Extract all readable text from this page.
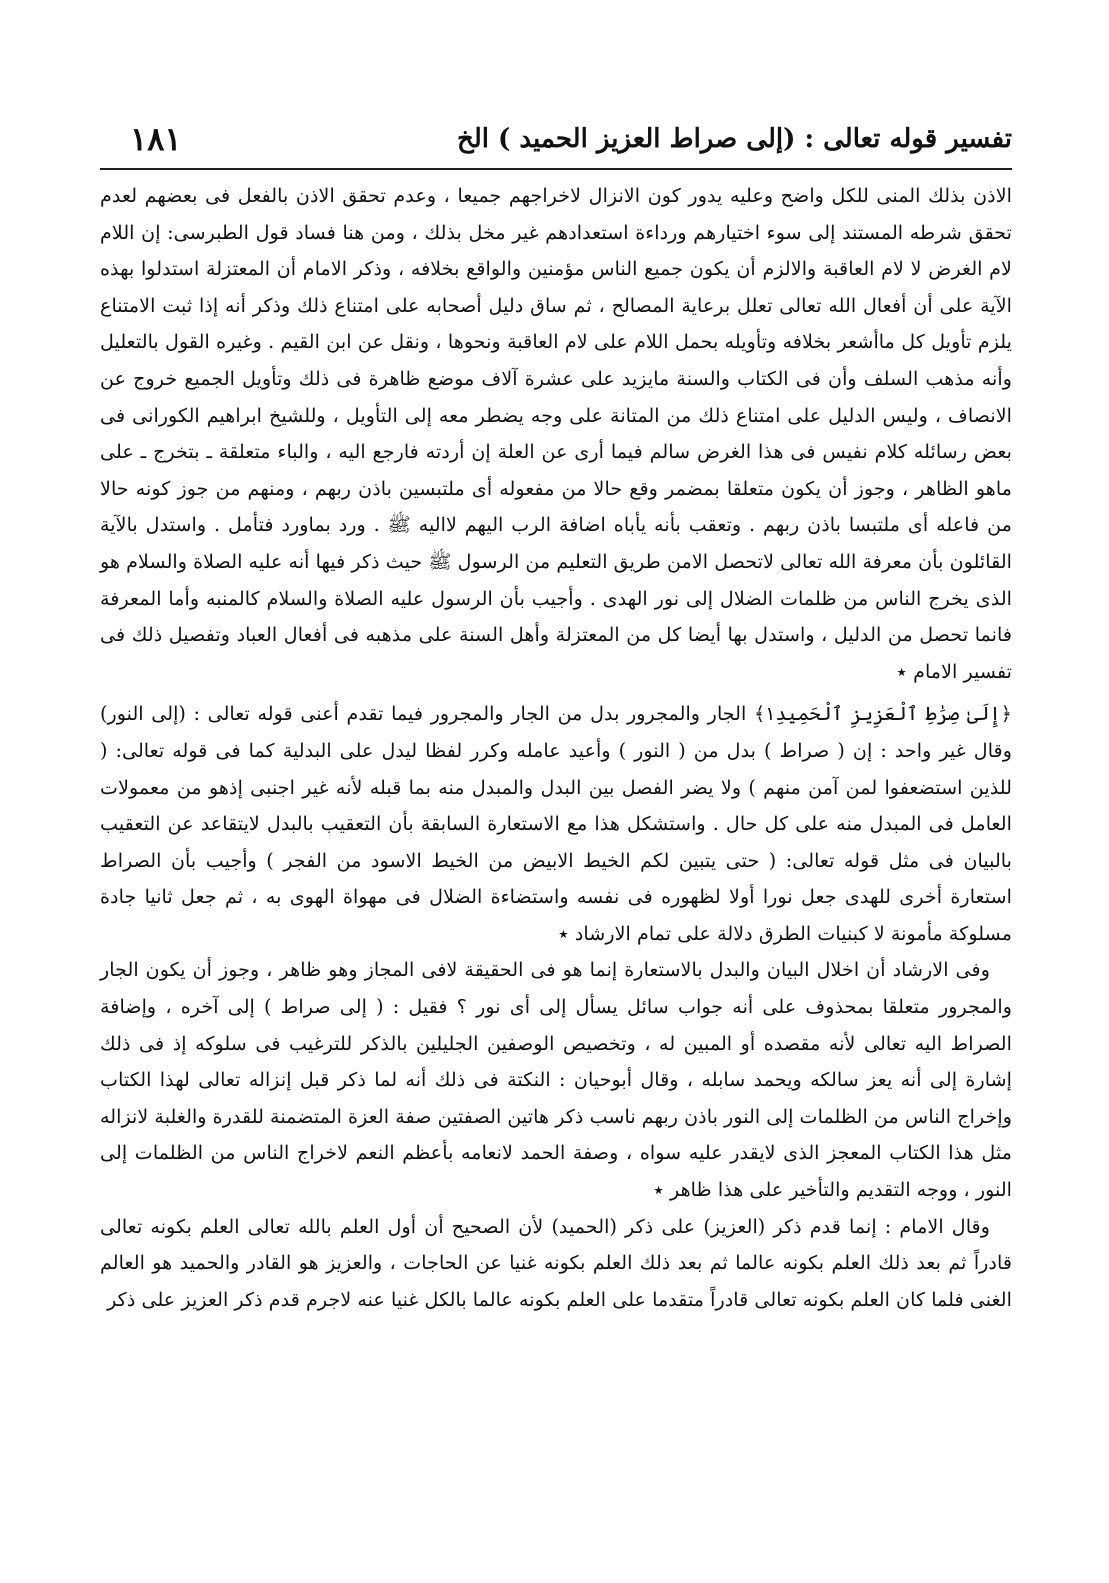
تفسير قوله تعالى : (إلى صراط العزيز الحميد ) الخ
١٨١

الاذن بذلك المنى للكل واضح وعليه يدور كون الانزال لاخراجهم جميعا ، وعدم تحقق الاذن بالفعل فى بعضهم لعدم تحقق شرطه المستند إلى سوء اختيارهم ورداءة استعدادهم غير مخل بذلك ، ومن هنا فساد قول الطبرسى: إن اللام لام الغرض لا لام العاقبة والالزم أن يكون جميع الناس مؤمنين والواقع بخلافه ، وذكر الامام أن المعتزلة استدلوا بهذه الآية على أن أفعال الله تعالى تعلل برعاية المصالح ، ثم ساق دليل أصحابه على امتناع ذلك وذكر أنه إذا ثبت الامتناع يلزم تأويل كل ماأشعر بخلافه وتأويله بحمل اللام على لام العاقبة ونحوها ، ونقل عن ابن القيم . وغيره القول بالتعليل وأنه مذهب السلف وأن فى الكتاب والسنة مايزيد على عشرة آلاف موضع ظاهرة فى ذلك وتأويل الجميع خروج عن الانصاف ، وليس الدليل على امتناع ذلك من المتانة على وجه يضطر معه إلى التأويل ، وللشيخ ابراهيم الكورانى فى بعض رسائله كلام نفيس فى هذا الغرض سالم فيما أرى عن العلة إن أردته فارجع اليه ، والباء متعلقة ـ بتخرج ـ على ماهو الظاهر ، وجوز أن يكون متعلقا بمضمر وقع حالا من مفعوله أى ملتبسين باذن ربهم ، ومنهم من جوز كونه حالا من فاعله أى ملتبسا باذن ربهم . وتعقب بأنه يأباه اضافة الرب اليهم لااليه ﷺ . ورد بماورد فتأمل . واستدل بالآية القائلون بأن معرفة الله تعالى لاتحصل الامن طريق التعليم من الرسول ﷺ حيث ذكر فيها أنه عليه الصلاة والسلام هو الذى يخرج الناس من ظلمات الضلال إلى نور الهدى . وأجيب بأن الرسول عليه الصلاة والسلام كالمنبه وأما المعرفة فانما تحصل من الدليل ، واستدل بها أيضا كل من المعتزلة وأهل السنة على مذهبه فى أفعال العباد وتفصيل ذلك فى تفسير الامام ٭

﴿إِلَىٰ صِرَٰطِ ٱلْعَزِيزِ ٱلْحَمِيدِ١﴾ الجار والمجرور بدل من الجار والمجرور فيما تقدم أعنى قوله تعالى : (إلى النور) وقال غير واحد : إن ( صراط ) بدل من ( النور ) وأعيد عامله وكرر لفظا ليدل على البدلية كما فى قوله تعالى: ( للذين استضعفوا لمن آمن منهم ) ولا يضر الفصل بين البدل والمبدل منه بما قبله لأنه غير اجنبى إذهو من معمولات العامل فى المبدل منه على كل حال . واستشكل هذا مع الاستعارة السابقة بأن التعقيب بالبدل لايتقاعد عن التعقيب بالبيان فى مثل قوله تعالى: ( حتى يتبين لكم الخيط الابيض من الخيط الاسود من الفجر ) وأجيب بأن الصراط استعارة أخرى للهدى جعل نورا أولا لظهوره فى نفسه واستضاءة الضلال فى مهواة الهوى به ، ثم جعل ثانيا جادة مسلوكة مأمونة لا كبنيات الطرق دلالة على تمام الارشاد ٭

وفى الارشاد أن اخلال البيان والبدل بالاستعارة إنما هو فى الحقيقة لافى المجاز وهو ظاهر ، وجوز أن يكون الجار والمجرور متعلقا بمحذوف على أنه جواب سائل يسأل إلى أى نور ؟ فقيل : ( إلى صراط ) إلى آخره ، وإضافة الصراط اليه تعالى لأنه مقصده أو المبين له ، وتخصيص الوصفين الجليلين بالذكر للترغيب فى سلوكه إذ فى ذلك إشارة إلى أنه يعز سالكه ويحمد سابله ، وقال أبوحيان : النكتة فى ذلك أنه لما ذكر قبل إنزاله تعالى لهذا الكتاب وإخراج الناس من الظلمات إلى النور باذن ربهم ناسب ذكر هاتين الصفتين صفة العزة المتضمنة للقدرة والغلبة لانزاله مثل هذا الكتاب المعجز الذى لايقدر عليه سواه ، وصفة الحمد لانعامه بأعظم النعم لاخراج الناس من الظلمات إلى النور ، ووجه التقديم والتأخير على هذا ظاهر ٭

وقال الامام : إنما قدم ذكر (العزيز) على ذكر (الحميد) لأن الصحيح أن أول العلم بالله تعالى العلم بكونه تعالى قادراً ثم بعد ذلك العلم بكونه عالما ثم بعد ذلك العلم بكونه غنيا عن الحاجات ، والعزيز هو القادر والحميد هو العالم الغنى فلما كان العلم بكونه تعالى قادراً متقدما على العلم بكونه عالما بالكل غنيا عنه لاجرم قدم ذكر العزيز على ذكر
